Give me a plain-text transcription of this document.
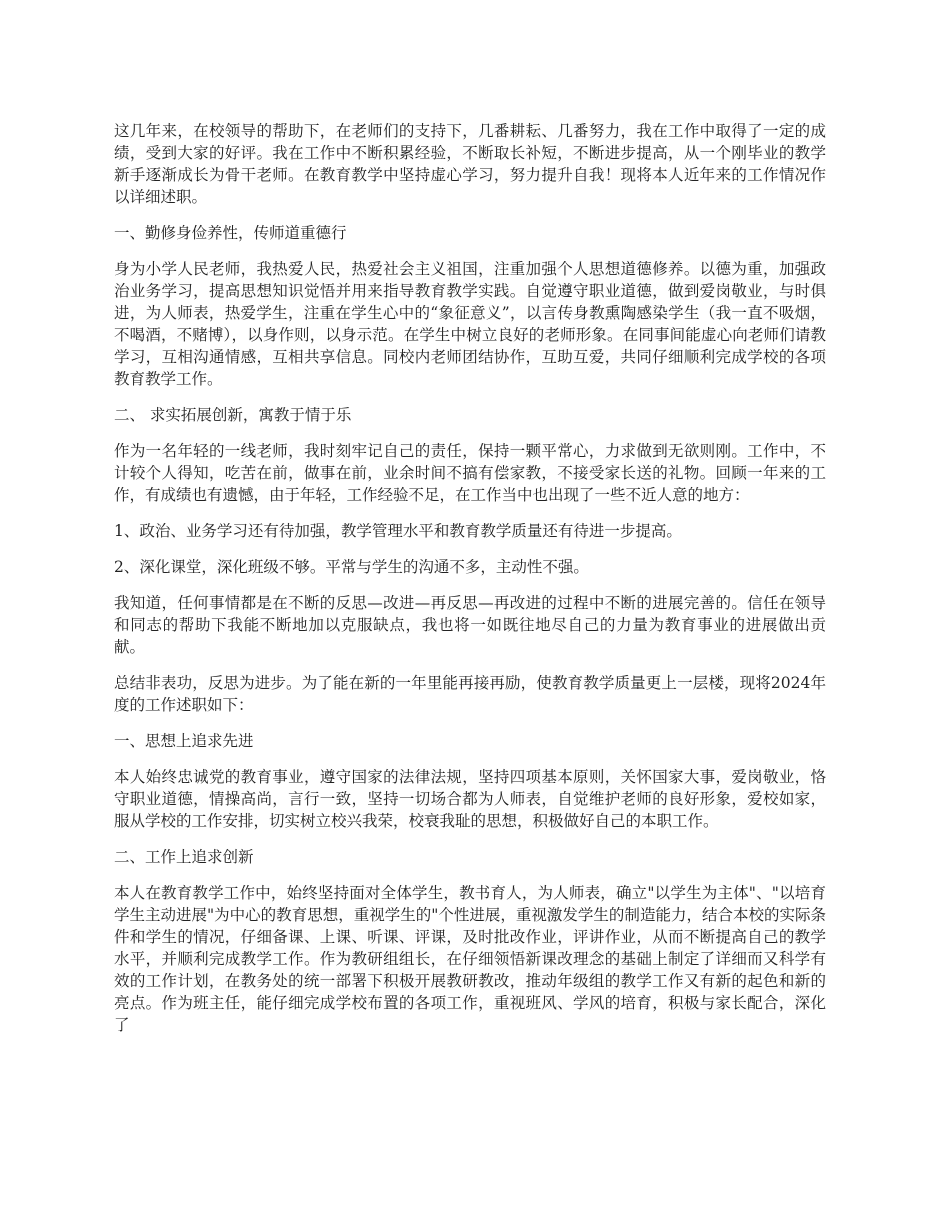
这几年来，在校领导的帮助下，在老师们的支持下，几番耕耘、几番努力，我在工作中取得了一定的成绩，受到大家的好评。我在工作中不断积累经验，不断取长补短，不断进步提高，从一个刚毕业的教学新手逐渐成长为骨干老师。在教育教学中坚持虚心学习，努力提升自我！现将本人近年来的工作情况作以详细述职。

一、勤修身俭养性，传师道重德行

身为小学人民老师，我热爱人民，热爱社会主义祖国，注重加强个人思想道德修养。以德为重，加强政治业务学习，提高思想知识觉悟并用来指导教育教学实践。自觉遵守职业道德，做到爱岗敬业，与时俱进，为人师表，热爱学生，注重在学生心中的“象征意义”，以言传身教熏陶感染学生（我一直不吸烟，不喝酒，不赌博），以身作则，以身示范。在学生中树立良好的老师形象。在同事间能虚心向老师们请教学习，互相沟通情感，互相共享信息。同校内老师团结协作，互助互爱，共同仔细顺利完成学校的各项教育教学工作。

二、 求实拓展创新，寓教于情于乐

作为一名年轻的一线老师，我时刻牢记自己的责任，保持一颗平常心，力求做到无欲则刚。工作中，不计较个人得知，吃苦在前，做事在前，业余时间不搞有偿家教，不接受家长送的礼物。回顾一年来的工作，有成绩也有遗憾，由于年轻，工作经验不足，在工作当中也出现了一些不近人意的地方：

1、政治、业务学习还有待加强，教学管理水平和教育教学质量还有待进一步提高。

2、深化课堂，深化班级不够。平常与学生的沟通不多，主动性不强。

我知道，任何事情都是在不断的反思—改进—再反思—再改进的过程中不断的进展完善的。信任在领导和同志的帮助下我能不断地加以克服缺点，我也将一如既往地尽自己的力量为教育事业的进展做出贡献。

总结非表功，反思为进步。为了能在新的一年里能再接再励，使教育教学质量更上一层楼，现将2024年度的工作述职如下：

一、思想上追求先进

本人始终忠诚党的教育事业，遵守国家的法律法规，坚持四项基本原则，关怀国家大事，爱岗敬业，恪守职业道德，情操高尚，言行一致，坚持一切场合都为人师表，自觉维护老师的良好形象，爱校如家，服从学校的工作安排，切实树立校兴我荣，校衰我耻的思想，积极做好自己的本职工作。

二、工作上追求创新

本人在教育教学工作中，始终坚持面对全体学生，教书育人，为人师表，确立"以学生为主体"、"以培育学生主动进展"为中心的教育思想，重视学生的"个性进展，重视激发学生的制造能力，结合本校的实际条件和学生的情况，仔细备课、上课、听课、评课，及时批改作业，评讲作业，从而不断提高自己的教学水平，并顺利完成教学工作。作为教研组组长，在仔细领悟新课改理念的基础上制定了详细而又科学有效的工作计划，在教务处的统一部署下积极开展教研教改，推动年级组的教学工作又有新的起色和新的亮点。作为班主任，能仔细完成学校布置的各项工作，重视班风、学风的培育，积极与家长配合，深化了
